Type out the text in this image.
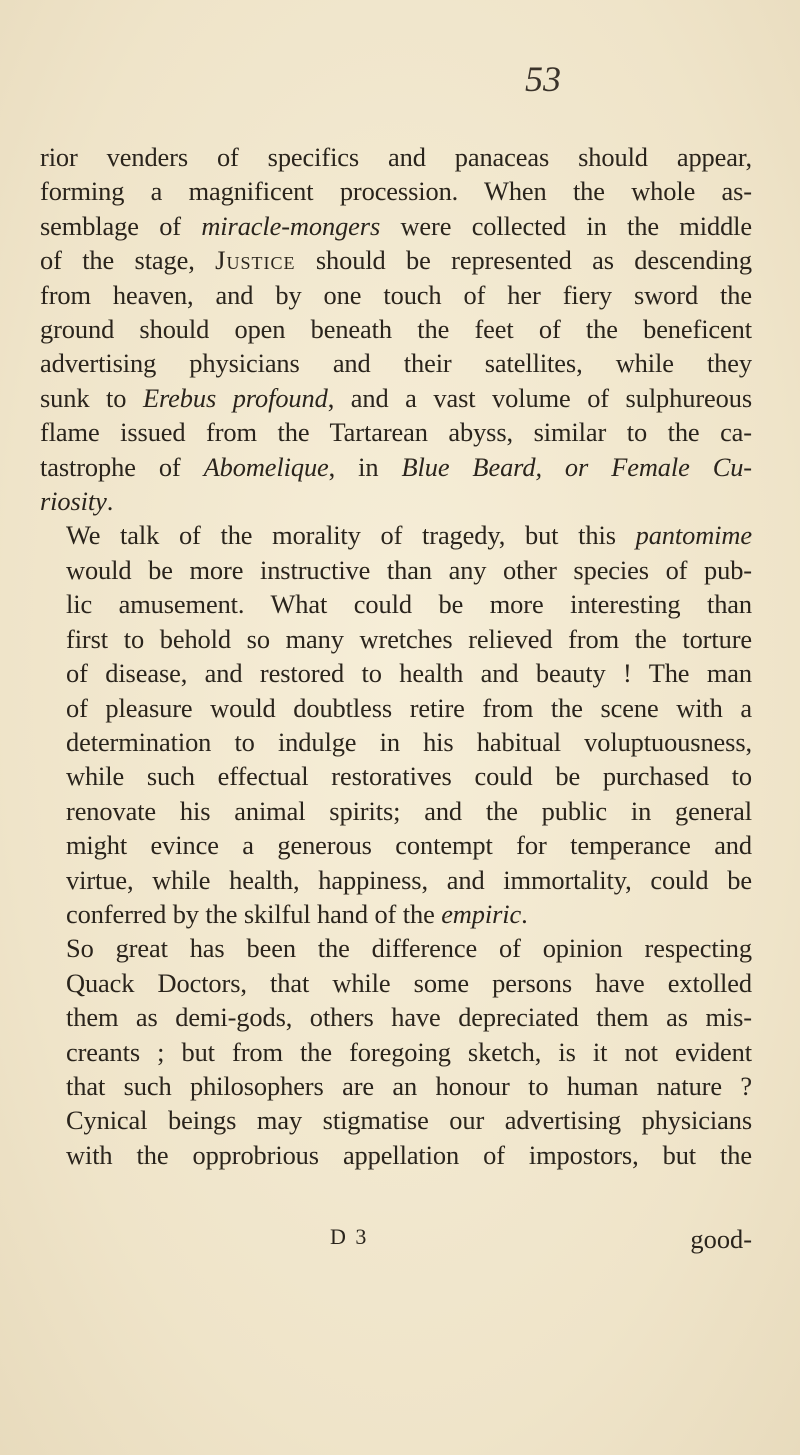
53

rior venders of specifics and panaceas should appear,
forming a magnificent procession. When the whole as-
semblage of miracle-mongers were collected in the middle
of the stage, Justice should be represented as descending
from heaven, and by one touch of her fiery sword the
ground should open beneath the feet of the beneficent
advertising physicians and their satellites, while they
sunk to Erebus profound, and a vast volume of sulphureous
flame issued from the Tartarean abyss, similar to the ca-
tastrophe of Abomelique, in Blue Beard, or Female Cu-
riosity.

We talk of the morality of tragedy, but this pantomime
would be more instructive than any other species of pub-
lic amusement. What could be more interesting than
first to behold so many wretches relieved from the torture
of disease, and restored to health and beauty ! The man
of pleasure would doubtless retire from the scene with a
determination to indulge in his habitual voluptuousness,
while such effectual restoratives could be purchased to
renovate his animal spirits; and the public in general
might evince a generous contempt for temperance and
virtue, while health, happiness, and immortality, could be
conferred by the skilful hand of the empiric.

So great has been the difference of opinion respecting
Quack Doctors, that while some persons have extolled
them as demi-gods, others have depreciated them as mis-
creants ; but from the foregoing sketch, is it not evident
that such philosophers are an honour to human nature ?
Cynical beings may stigmatise our advertising physicians
with the opprobrious appellation of impostors, but the

D 3	good-
